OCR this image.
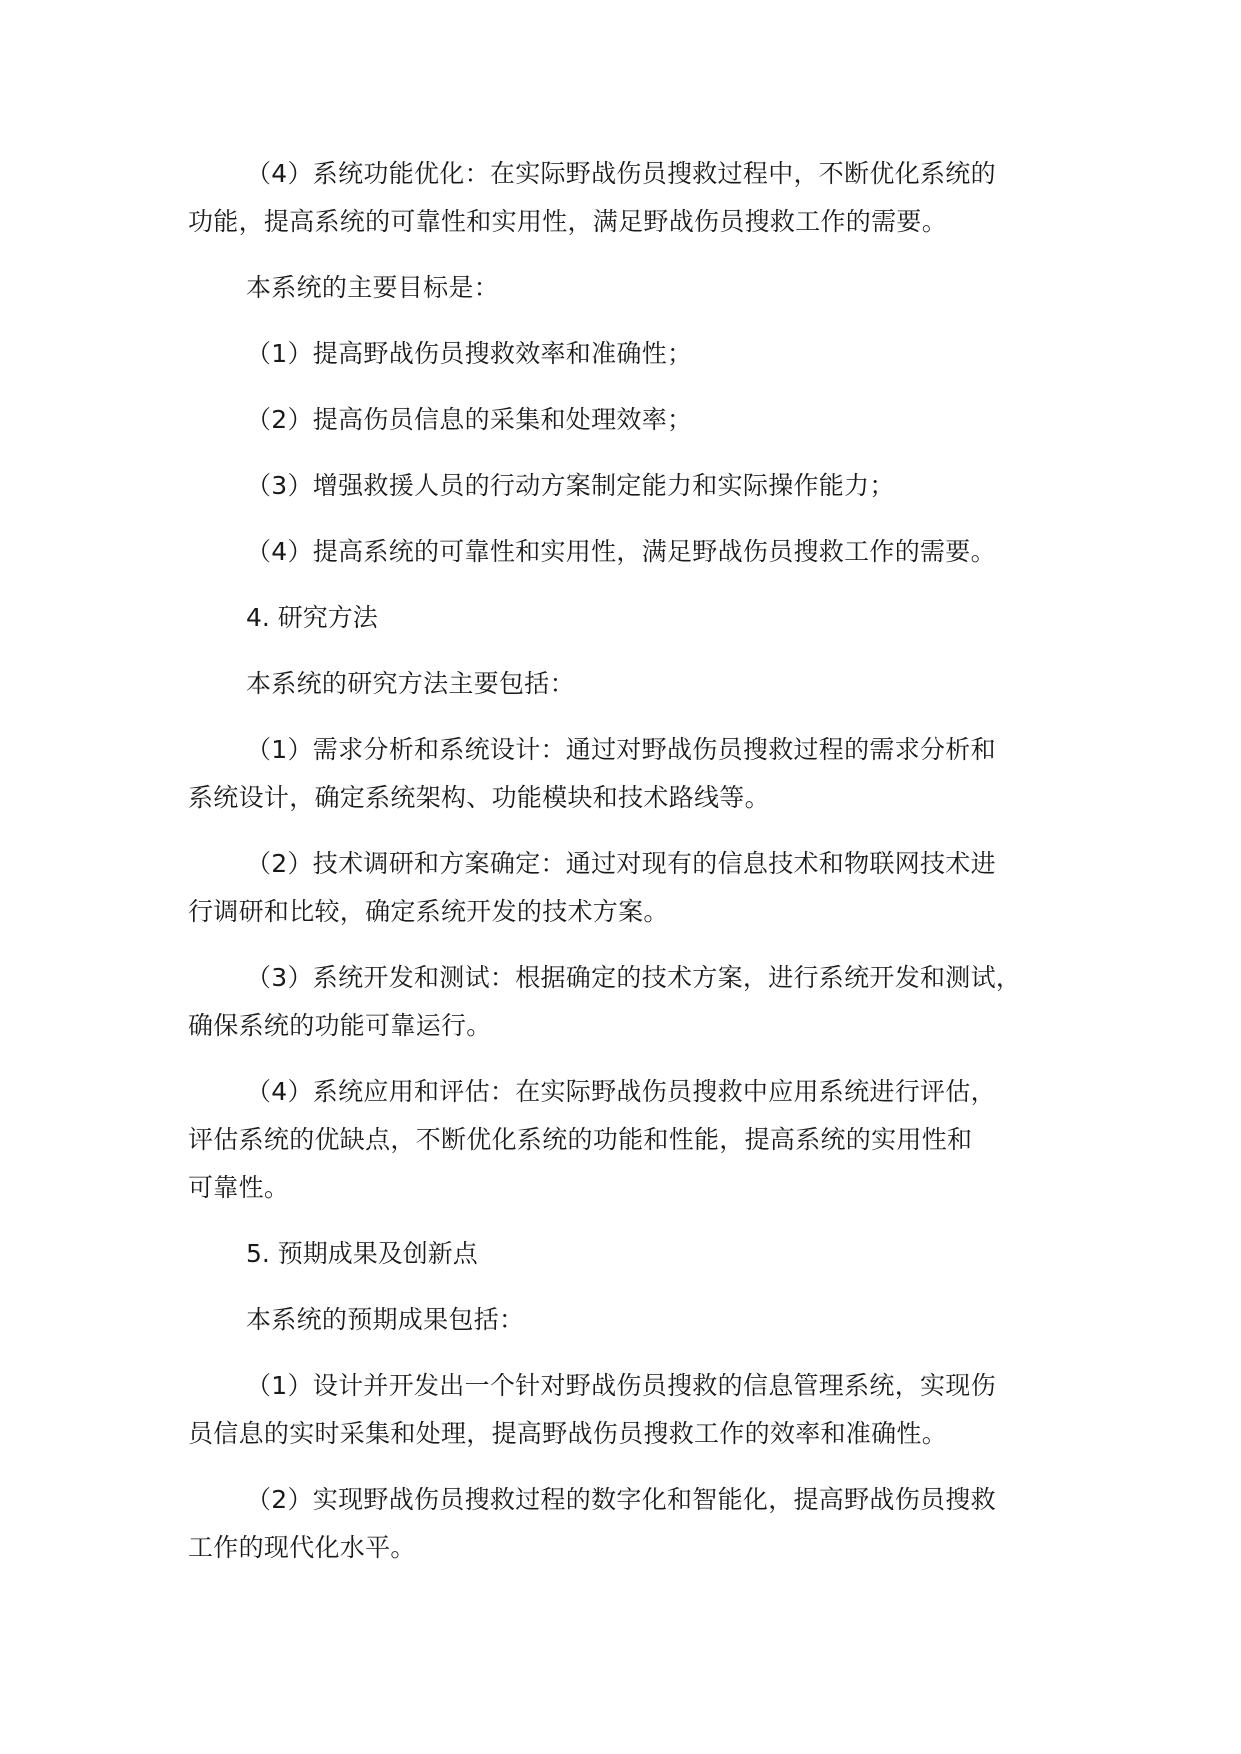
（4）系统功能优化：在实际野战伤员搜救过程中，不断优化系统的
功能，提高系统的可靠性和实用性，满足野战伤员搜救工作的需要。

本系统的主要目标是：

（1）提高野战伤员搜救效率和准确性；

（2）提高伤员信息的采集和处理效率；

（3）增强救援人员的行动方案制定能力和实际操作能力；

（4）提高系统的可靠性和实用性，满足野战伤员搜救工作的需要。

4. 研究方法

本系统的研究方法主要包括：

（1）需求分析和系统设计：通过对野战伤员搜救过程的需求分析和
系统设计，确定系统架构、功能模块和技术路线等。

（2）技术调研和方案确定：通过对现有的信息技术和物联网技术进
行调研和比较，确定系统开发的技术方案。

（3）系统开发和测试：根据确定的技术方案，进行系统开发和测试，
确保系统的功能可靠运行。

（4）系统应用和评估：在实际野战伤员搜救中应用系统进行评估，
评估系统的优缺点，不断优化系统的功能和性能，提高系统的实用性和
可靠性。

5. 预期成果及创新点

本系统的预期成果包括：

（1）设计并开发出一个针对野战伤员搜救的信息管理系统，实现伤
员信息的实时采集和处理，提高野战伤员搜救工作的效率和准确性。

（2）实现野战伤员搜救过程的数字化和智能化，提高野战伤员搜救
工作的现代化水平。
